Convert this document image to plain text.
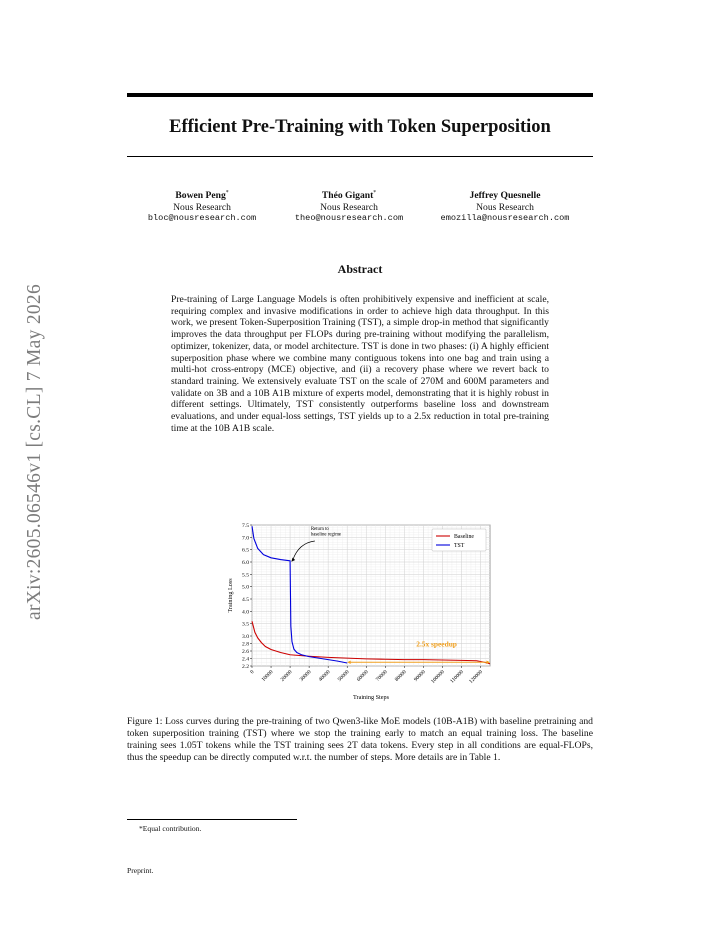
arXiv:2605.06546v1 [cs.CL] 7 May 2026
Efficient Pre-Training with Token Superposition
Bowen Peng*
Nous Research
bloc@nousresearch.com
Théo Gigant*
Nous Research
theo@nousresearch.com
Jeffrey Quesnelle
Nous Research
emozilla@nousresearch.com
Abstract
Pre-training of Large Language Models is often prohibitively expensive and inefficient at scale, requiring complex and invasive modifications in order to achieve high data throughput. In this work, we present Token-Superposition Training (TST), a simple drop-in method that significantly improves the data throughput per FLOPs during pre-training without modifying the parallelism, optimizer, tokenizer, data, or model architecture. TST is done in two phases: (i) A highly efficient superposition phase where we combine many contiguous tokens into one bag and train using a multi-hot cross-entropy (MCE) objective, and (ii) a recovery phase where we revert back to standard training. We extensively evaluate TST on the scale of 270M and 600M parameters and validate on 3B and a 10B A1B mixture of experts model, demonstrating that it is highly robust in different settings. Ultimately, TST consistently outperforms baseline loss and downstream evaluations, and under equal-loss settings, TST yields up to a 2.5x reduction in total pre-training time at the 10B A1B scale.
2.2
2.4
2.6
2.8
3.0
3.5
4.0
4.5
5.0
5.5
6.0
6.5
7.0
7.5
0 10000 20000 30000 40000 50000 60000 70000 80000 90000 100000 110000 120000
Training Steps
Training Loss
Return to baseline regime
2.5x speedup
Baseline
TST
Figure 1: Loss curves during the pre-training of two Qwen3-like MoE models (10B-A1B) with baseline pretraining and token superposition training (TST) where we stop the training early to match an equal training loss. The baseline training sees 1.05T tokens while the TST training sees 2T data tokens. Every step in all conditions are equal-FLOPs, thus the speedup can be directly computed w.r.t. the number of steps. More details are in Table 1.
*Equal contribution.
Preprint.
